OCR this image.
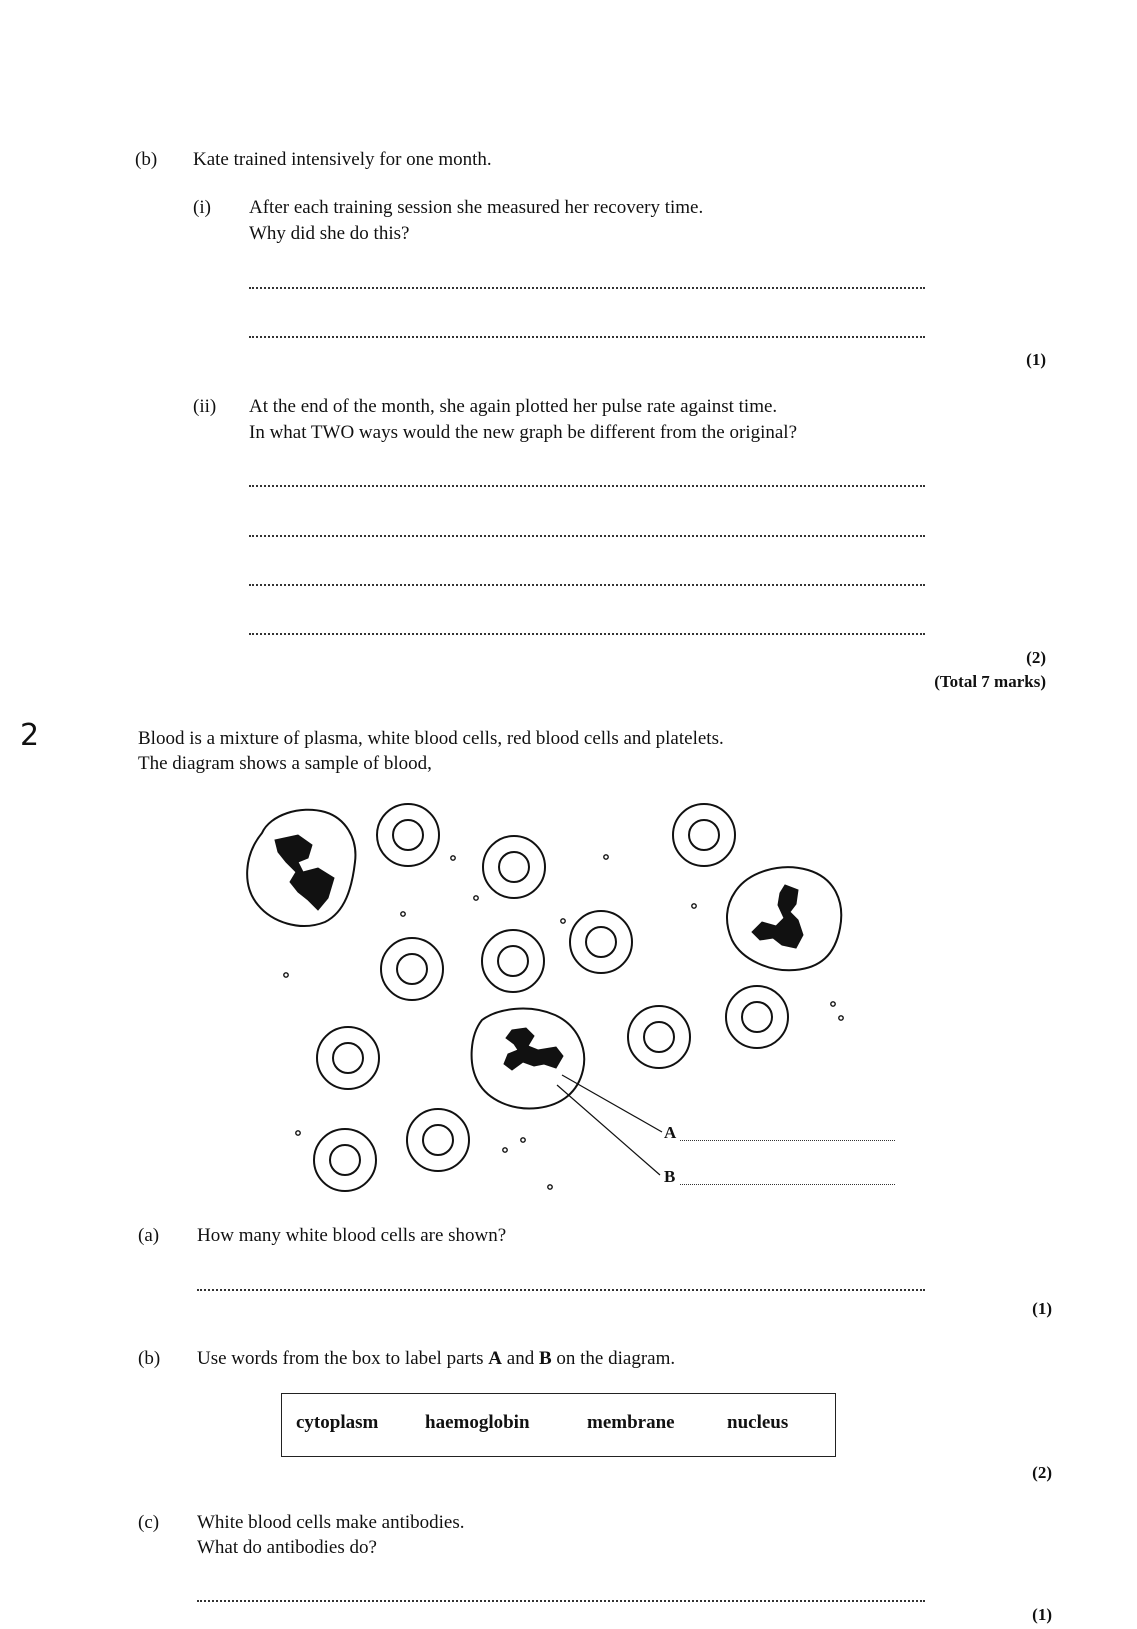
(b) Kate trained intensively for one month.
(i) After each training session she measured her recovery time.
Why did she do this?
(1)
(ii) At the end of the month, she again plotted her pulse rate against time.
In what TWO ways would the new graph be different from the original?
(2)
(Total 7 marks)
2	Blood is a mixture of plasma, white blood cells, red blood cells and platelets.
The diagram shows a sample of blood,
A
B
(a) How many white blood cells are shown?
(1)
(b) Use words from the box to label parts A and B on the diagram.
cytoplasm haemoglobin	membrane	nucleus
(2)
(c) White blood cells make antibodies.
What do antibodies do?
(1)
